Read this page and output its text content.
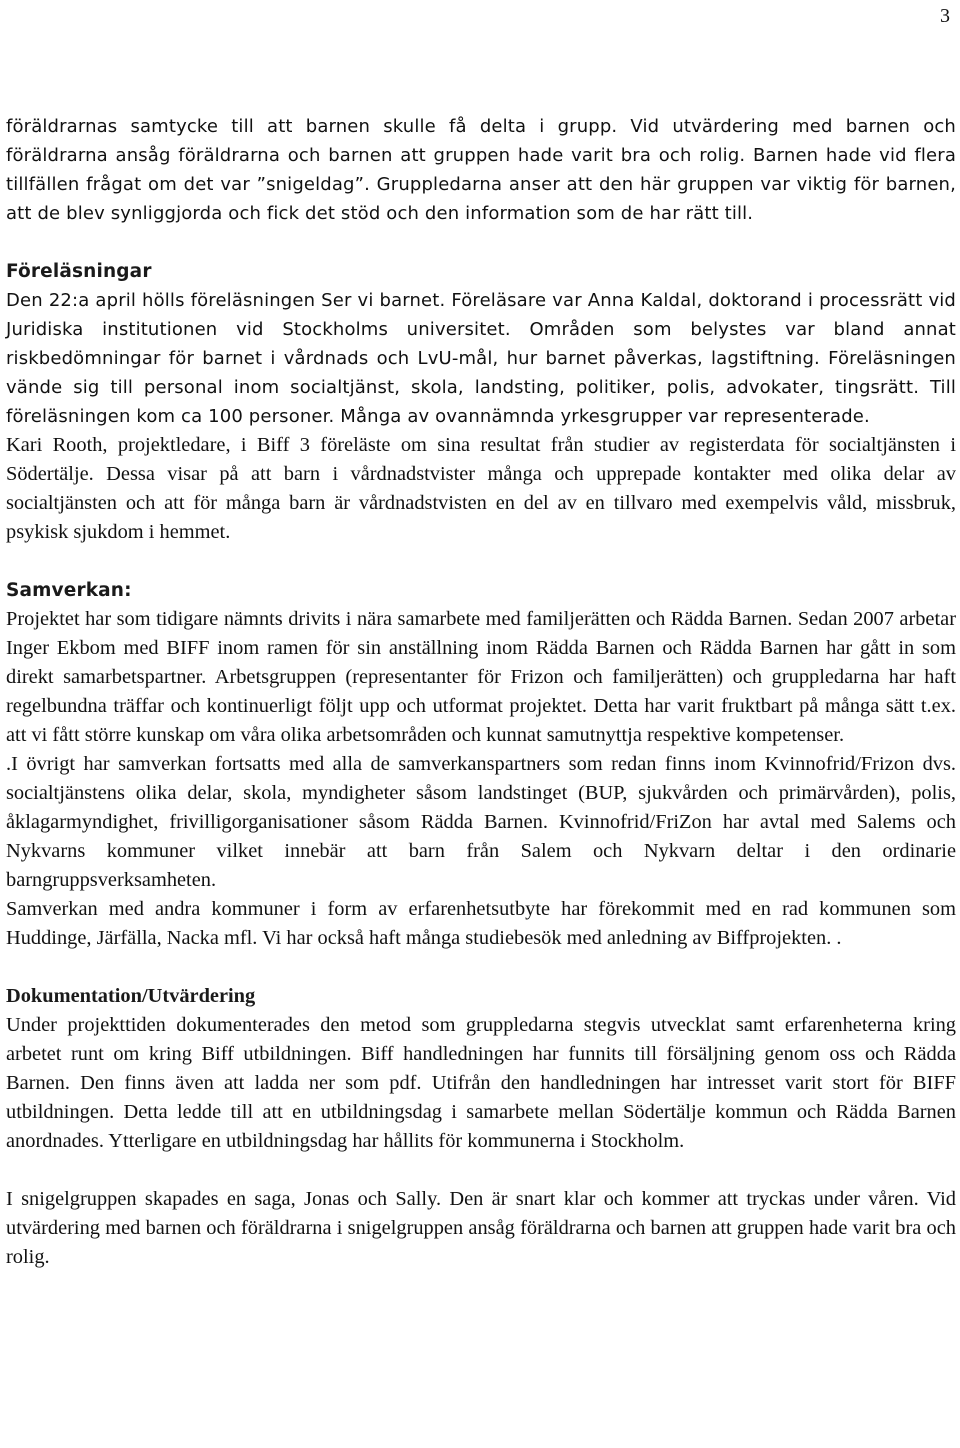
3

föräldrarnas samtycke till att barnen skulle få delta i grupp. Vid utvärdering med barnen och föräldrarna ansåg föräldrarna och barnen att gruppen hade varit bra och rolig. Barnen hade vid flera tillfällen frågat om det var ”snigeldag”. Gruppledarna anser att den här gruppen var viktig för barnen, att de blev synliggjorda och fick det stöd och den information som de har rätt till.

Föreläsningar

Den 22:a april hölls föreläsningen Ser vi barnet. Föreläsare var Anna Kaldal, doktorand i processrätt vid Juridiska institutionen vid Stockholms universitet. Områden som belystes var bland annat riskbedömningar för barnet i vårdnads och LvU-mål, hur barnet påverkas, lagstiftning. Föreläsningen vände sig till personal inom socialtjänst, skola, landsting, politiker, polis, advokater, tingsrätt. Till föreläsningen kom ca 100 personer. Många av ovannämnda yrkesgrupper var representerade.

Kari Rooth, projektledare, i Biff 3 föreläste om sina resultat från studier av registerdata för socialtjänsten i Södertälje. Dessa visar på att barn i vårdnadstvister många och upprepade kontakter med olika delar av socialtjänsten och att för många barn är vårdnadstvisten en del av en tillvaro med exempelvis våld, missbruk, psykisk sjukdom i hemmet.

Samverkan:

Projektet har som tidigare nämnts drivits i nära samarbete med familjerätten och Rädda Barnen. Sedan 2007 arbetar Inger Ekbom med BIFF inom ramen för sin anställning inom Rädda Barnen och Rädda Barnen har gått in som direkt samarbetspartner. Arbetsgruppen (representanter för Frizon och familjerätten) och gruppledarna har haft regelbundna träffar och kontinuerligt följt upp och utformat projektet. Detta har varit fruktbart på många sätt t.ex. att vi fått större kunskap om våra olika arbetsområden och kunnat samutnyttja respektive kompetenser.

.I övrigt har samverkan fortsatts med alla de samverkanspartners som redan finns inom Kvinnofrid/Frizon dvs. socialtjänstens olika delar, skola, myndigheter såsom landstinget (BUP, sjukvården och primärvården), polis, åklagarmyndighet, frivilligorganisationer såsom Rädda Barnen. Kvinnofrid/FriZon har avtal med Salems och Nykvarns kommuner vilket innebär att barn från Salem och Nykvarn deltar i den ordinarie barngruppsverksamheten.

Samverkan med andra kommuner i form av erfarenhetsutbyte har förekommit med en rad kommunen som Huddinge, Järfälla, Nacka mfl. Vi har också haft många studiebesök med anledning av Biffprojekten. .

Dokumentation/Utvärdering

Under projekttiden dokumenterades den metod som gruppledarna stegvis utvecklat samt erfarenheterna kring arbetet runt om kring Biff utbildningen. Biff handledningen har funnits till försäljning genom oss och Rädda Barnen. Den finns även att ladda ner som pdf. Utifrån den handledningen har intresset varit stort för BIFF utbildningen. Detta ledde till att en utbildningsdag i samarbete mellan Södertälje kommun och Rädda Barnen anordnades. Ytterligare en utbildningsdag har hållits för kommunerna i Stockholm.

I snigelgruppen skapades en saga, Jonas och Sally. Den är snart klar och kommer att tryckas under våren. Vid utvärdering med barnen och föräldrarna i snigelgruppen ansåg föräldrarna och barnen att gruppen hade varit bra och rolig.
